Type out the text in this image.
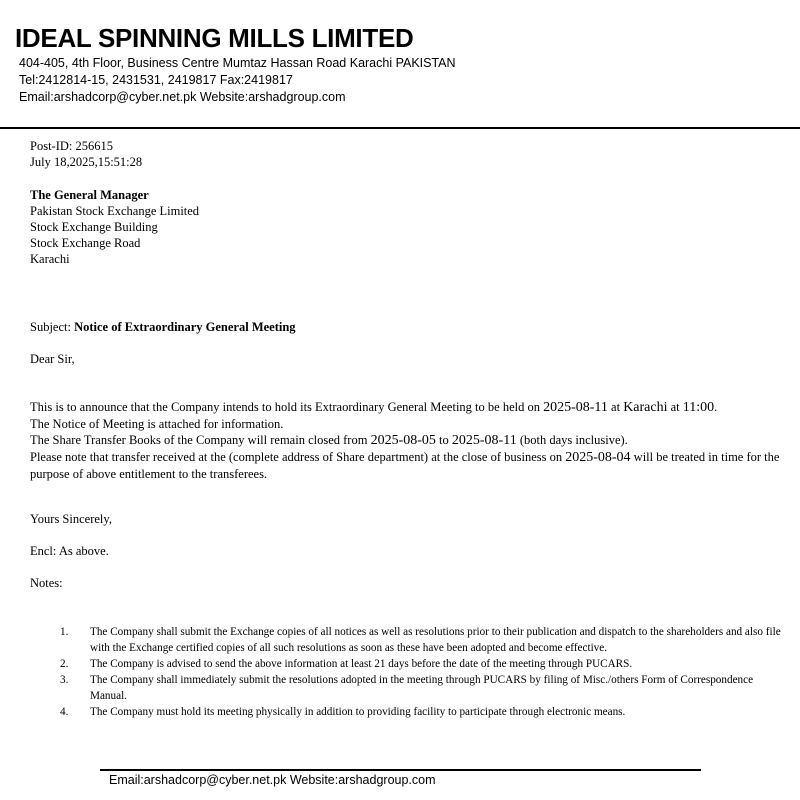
IDEAL SPINNING MILLS LIMITED
404-405, 4th Floor, Business Centre Mumtaz Hassan Road Karachi PAKISTAN
Tel:2412814-15, 2431531, 2419817 Fax:2419817
Email:arshadcorp@cyber.net.pk Website:arshadgroup.com
Post-ID: 256615
July 18,2025,15:51:28
The General Manager
Pakistan Stock Exchange Limited
Stock Exchange Building
Stock Exchange Road
Karachi
Subject: Notice of Extraordinary General Meeting
Dear Sir,
This is to announce that the Company intends to hold its Extraordinary General Meeting to be held on 2025-08-11 at Karachi at 11:00.
The Notice of Meeting is attached for information.
The Share Transfer Books of the Company will remain closed from 2025-08-05 to 2025-08-11 (both days inclusive).
Please note that transfer received at the (complete address of Share department) at the close of business on 2025-08-04 will be treated in time for the purpose of above entitlement to the transferees.
Yours Sincerely,
Encl: As above.
Notes:
1. The Company shall submit the Exchange copies of all notices as well as resolutions prior to their publication and dispatch to the shareholders and also file with the Exchange certified copies of all such resolutions as soon as these have been adopted and become effective.
2. The Company is advised to send the above information at least 21 days before the date of the meeting through PUCARS.
3. The Company shall immediately submit the resolutions adopted in the meeting through PUCARS by filing of Misc./others Form of Correspondence Manual.
4. The Company must hold its meeting physically in addition to providing facility to participate through electronic means.
Email:arshadcorp@cyber.net.pk Website:arshadgroup.com
